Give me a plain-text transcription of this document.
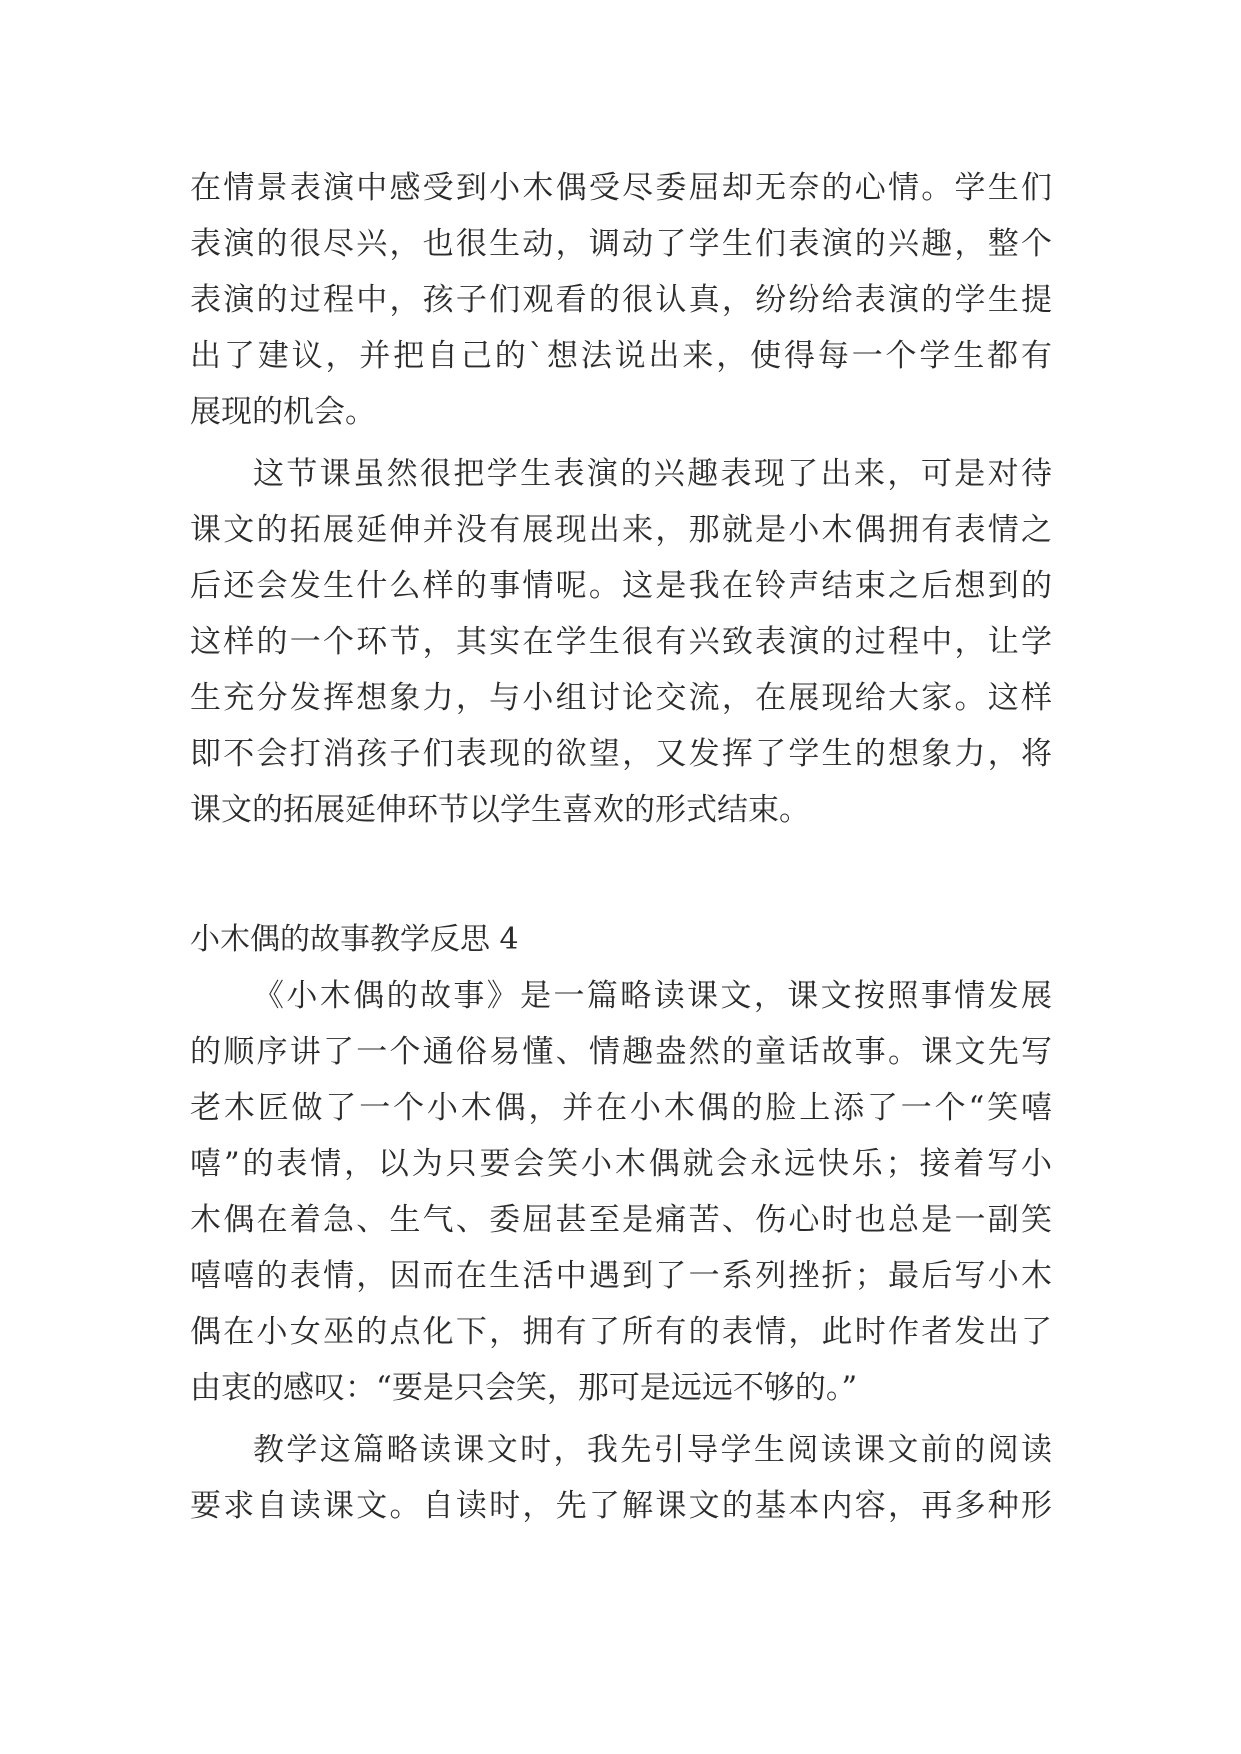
在情景表演中感受到小木偶受尽委屈却无奈的心情。学生们
表演的很尽兴，也很生动，调动了学生们表演的兴趣，整个
表演的过程中，孩子们观看的很认真，纷纷给表演的学生提
出了建议，并把自己的`想法说出来，使得每一个学生都有
展现的机会。
这节课虽然很把学生表演的兴趣表现了出来，可是对待
课文的拓展延伸并没有展现出来，那就是小木偶拥有表情之
后还会发生什么样的事情呢。这是我在铃声结束之后想到的
这样的一个环节，其实在学生很有兴致表演的过程中，让学
生充分发挥想象力，与小组讨论交流，在展现给大家。这样
即不会打消孩子们表现的欲望，又发挥了学生的想象力，将
课文的拓展延伸环节以学生喜欢的形式结束。
小木偶的故事教学反思 4
《小木偶的故事》是一篇略读课文，课文按照事情发展
的顺序讲了一个通俗易懂、情趣盎然的童话故事。课文先写
老木匠做了一个小木偶，并在小木偶的脸上添了一个“笑嘻
嘻”的表情，以为只要会笑小木偶就会永远快乐；接着写小
木偶在着急、生气、委屈甚至是痛苦、伤心时也总是一副笑
嘻嘻的表情，因而在生活中遇到了一系列挫折；最后写小木
偶在小女巫的点化下，拥有了所有的表情，此时作者发出了
由衷的感叹：“要是只会笑，那可是远远不够的。”
教学这篇略读课文时，我先引导学生阅读课文前的阅读
要求自读课文。自读时，先了解课文的基本内容，再多种形
